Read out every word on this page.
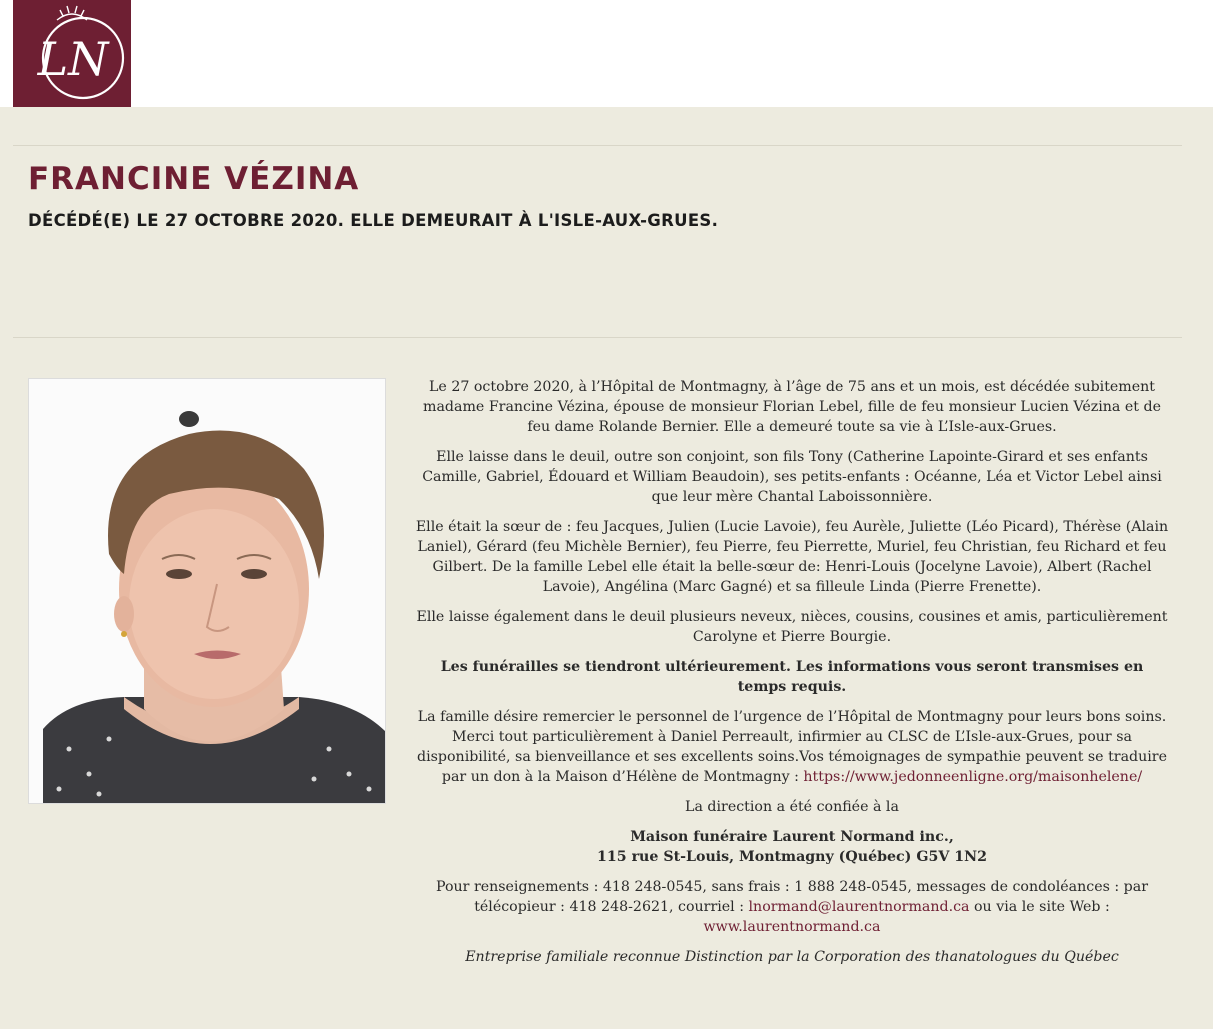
LN
FRANCINE VÉZINA
DÉCÉDÉ(E) LE 27 OCTOBRE 2020. ELLE DEMEURAIT À L'ISLE-AUX-GRUES.

Le 27 octobre 2020, à l’Hôpital de Montmagny, à l’âge de 75 ans et un mois, est décédée subitement madame Francine Vézina, épouse de monsieur Florian Lebel, fille de feu monsieur Lucien Vézina et de feu dame Rolande Bernier. Elle a demeuré toute sa vie à L’Isle-aux-Grues.

Elle laisse dans le deuil, outre son conjoint, son fils Tony (Catherine Lapointe-Girard et ses enfants Camille, Gabriel, Édouard et William Beaudoin), ses petits-enfants : Océanne, Léa et Victor Lebel ainsi que leur mère Chantal Laboissonnière.

Elle était la sœur de : feu Jacques, Julien (Lucie Lavoie), feu Aurèle, Juliette (Léo Picard), Thérèse (Alain Laniel), Gérard (feu Michèle Bernier), feu Pierre, feu Pierrette, Muriel, feu Christian, feu Richard et feu Gilbert. De la famille Lebel elle était la belle-sœur de: Henri-Louis (Jocelyne Lavoie), Albert (Rachel Lavoie), Angélina (Marc Gagné) et sa filleule Linda (Pierre Frenette).

Elle laisse également dans le deuil plusieurs neveux, nièces, cousins, cousines et amis, particulièrement Carolyne et Pierre Bourgie.

Les funérailles se tiendront ultérieurement. Les informations vous seront transmises en temps requis.

La famille désire remercier le personnel de l’urgence de l’Hôpital de Montmagny pour leurs bons soins. Merci tout particulièrement à Daniel Perreault, infirmier au CLSC de L’Isle-aux-Grues, pour sa disponibilité, sa bienveillance et ses excellents soins.Vos témoignages de sympathie peuvent se traduire par un don à la Maison d’Hélène de Montmagny : https://www.jedonneenligne.org/maisonhelene/

La direction a été confiée à la

Maison funéraire Laurent Normand inc.,
115 rue St-Louis, Montmagny (Québec) G5V 1N2

Pour renseignements : 418 248-0545, sans frais : 1 888 248-0545, messages de condoléances : par télécopieur : 418 248-2621, courriel : lnormand@laurentnormand.ca ou via le site Web : www.laurentnormand.ca

Entreprise familiale reconnue Distinction par la Corporation des thanatologues du Québec
